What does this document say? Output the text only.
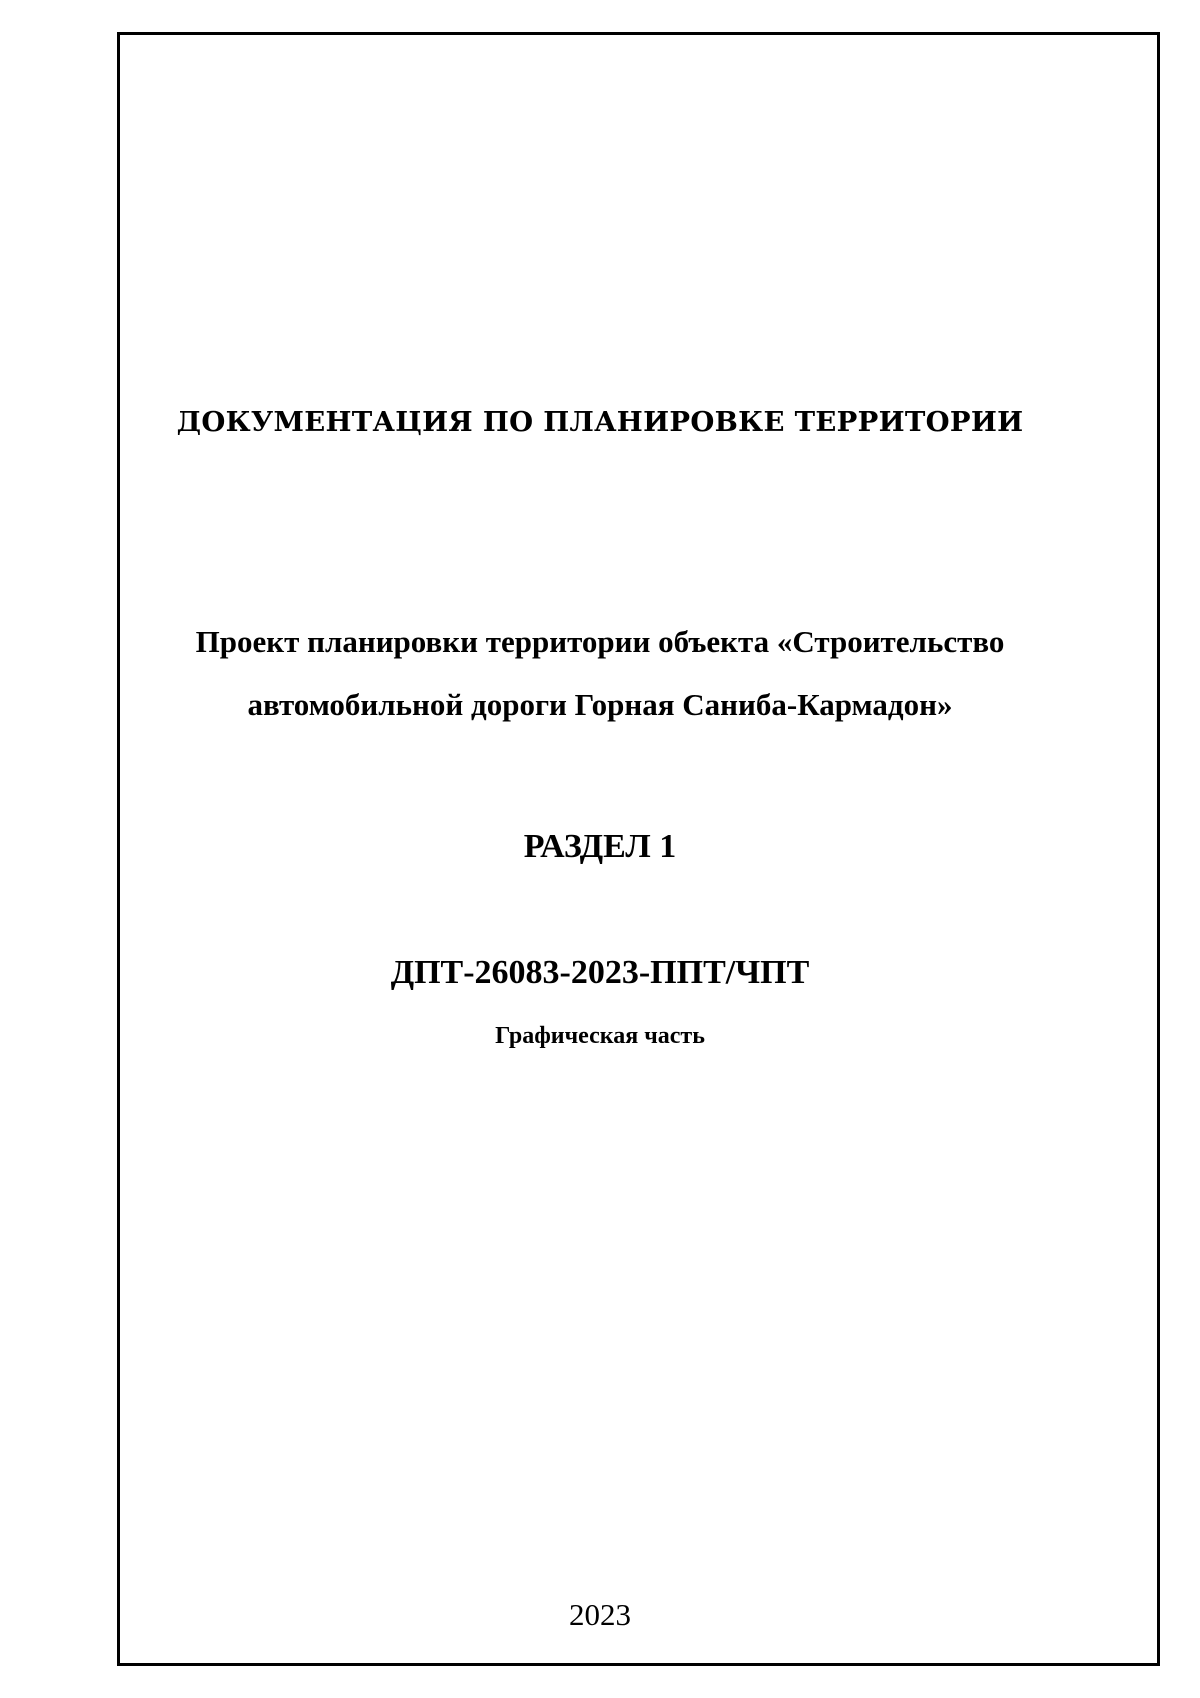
ДОКУМЕНТАЦИЯ ПО ПЛАНИРОВКЕ ТЕРРИТОРИИ
Проект планировки территории объекта «Строительство
автомобильной дороги Горная Саниба-Кармадон»
РАЗДЕЛ 1
ДПТ-26083-2023-ППТ/ЧПТ
Графическая часть
2023
